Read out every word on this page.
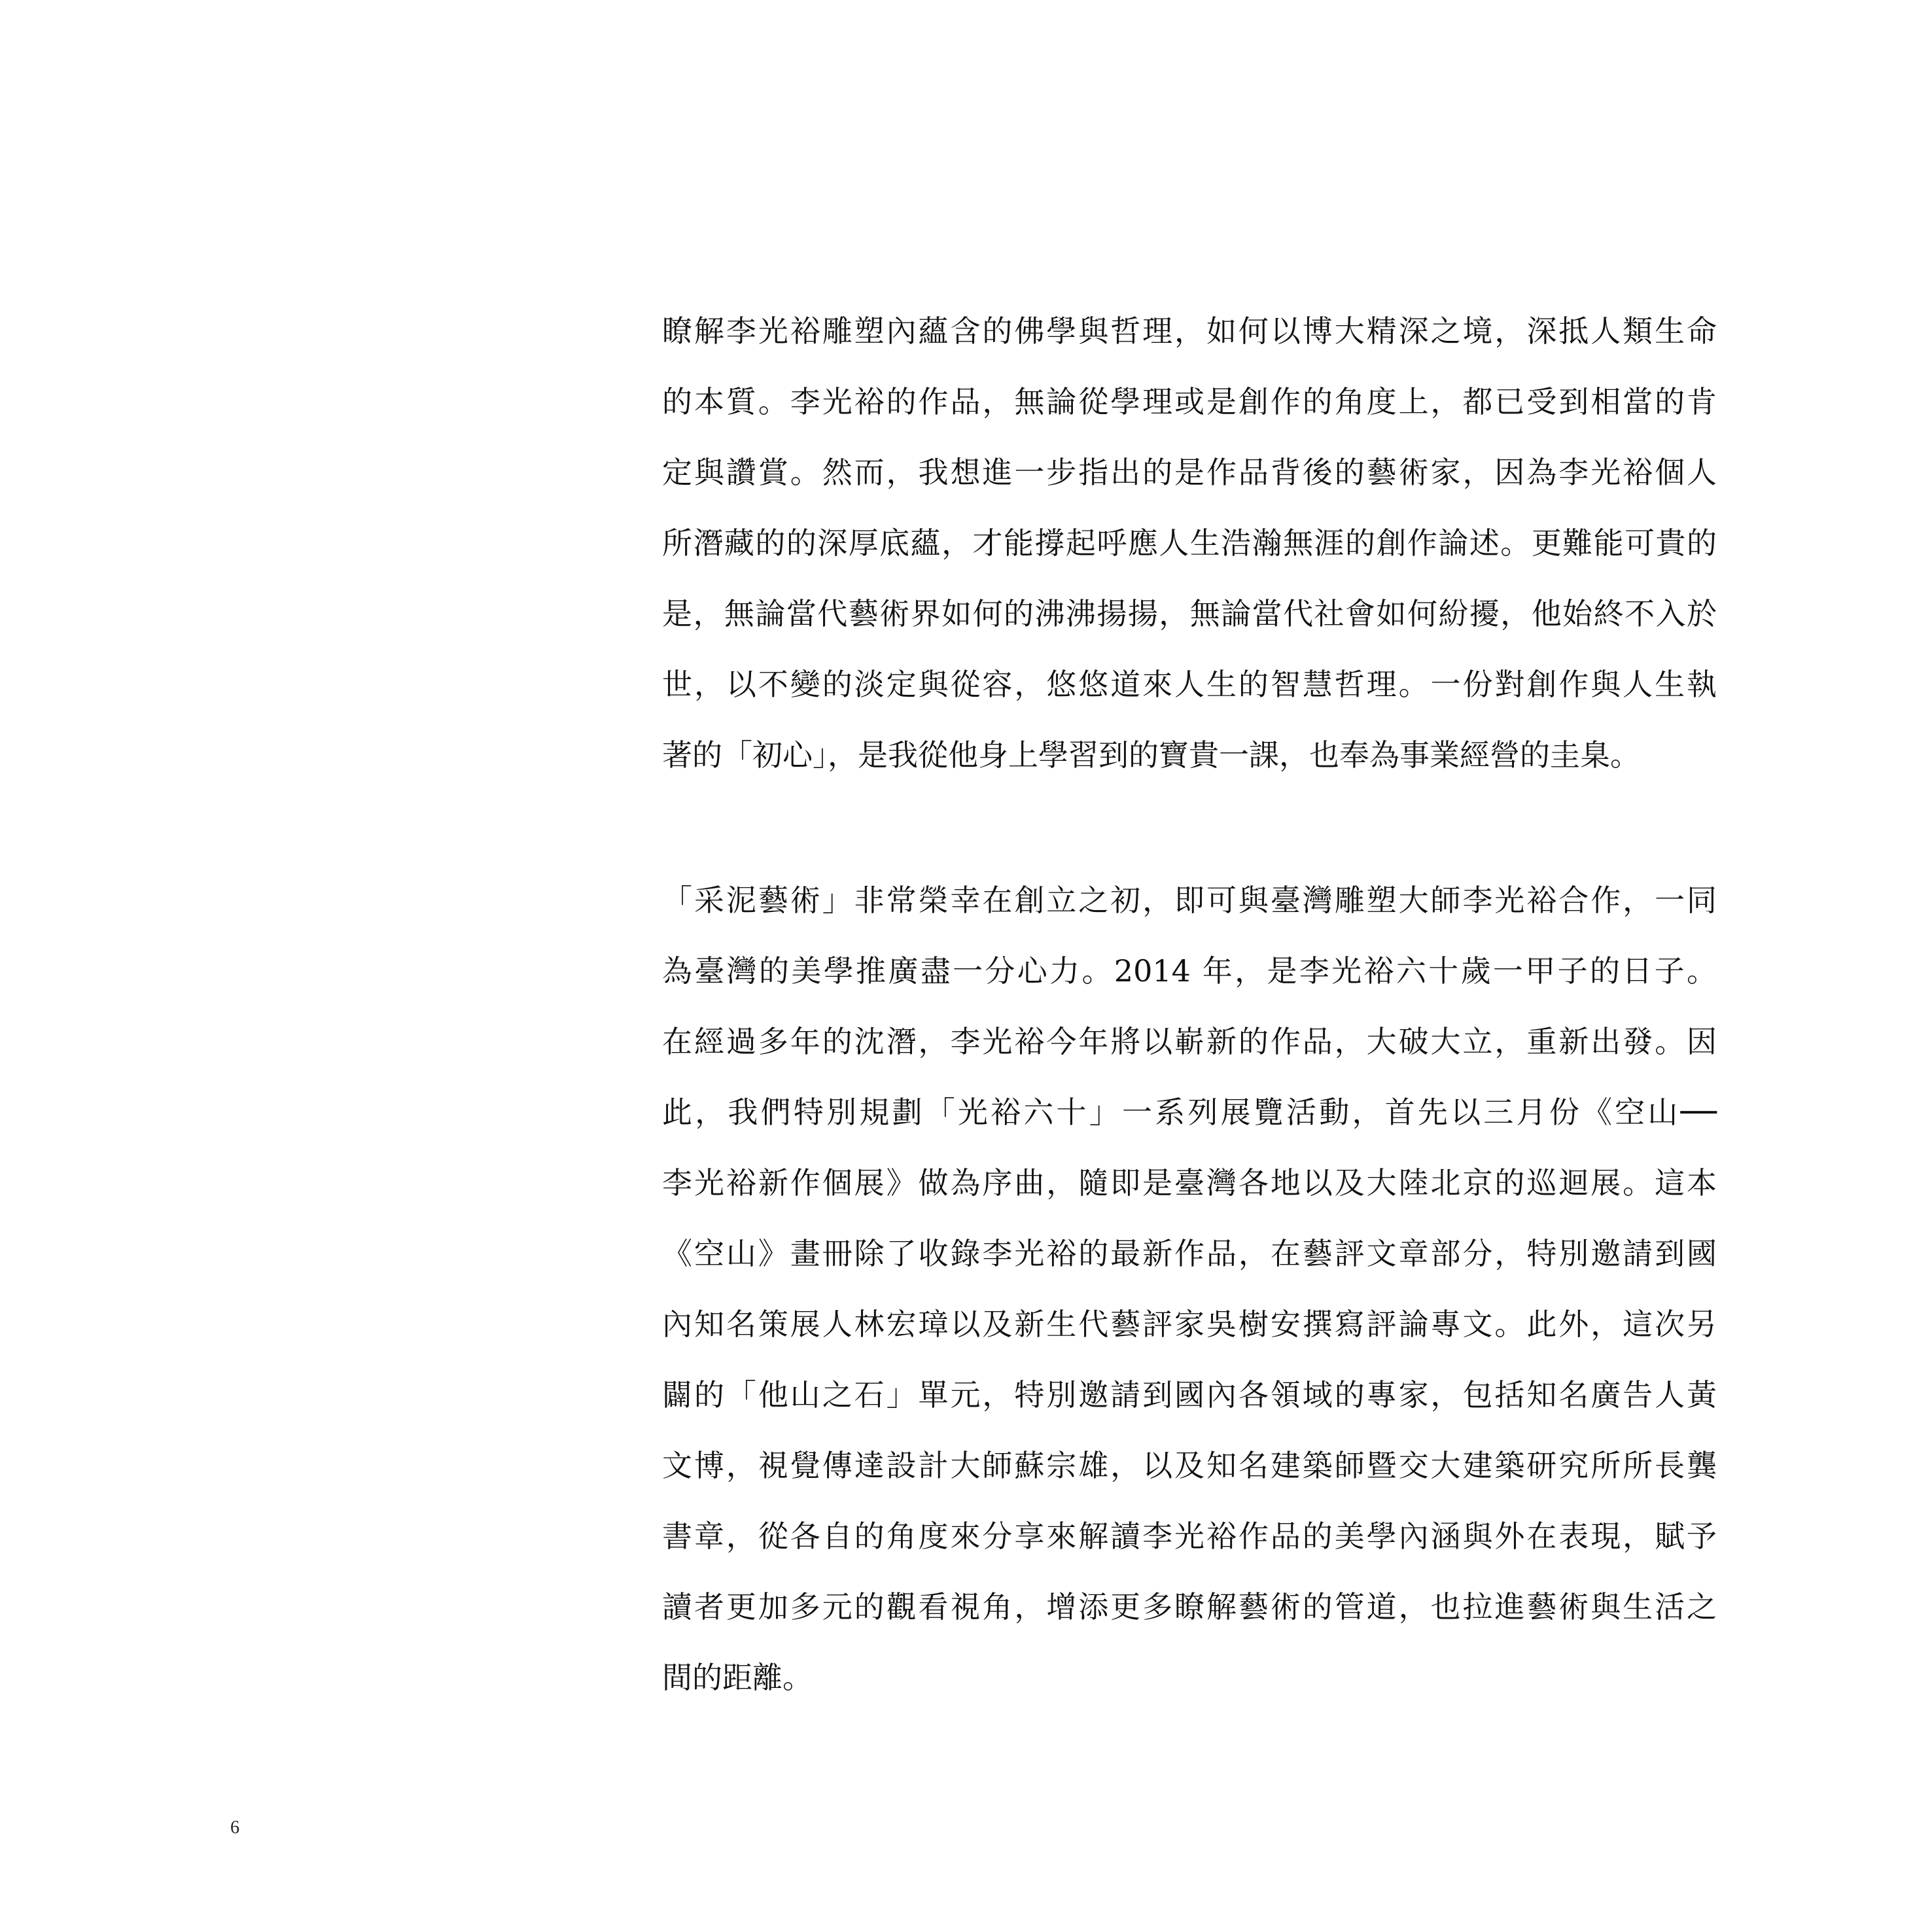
瞭解李光裕雕塑內蘊含的佛學與哲理，如何以博大精深之境，深抵人類生命
的本質。李光裕的作品，無論從學理或是創作的角度上，都已受到相當的肯
定與讚賞。然而，我想進一步指出的是作品背後的藝術家，因為李光裕個人
所潛藏的的深厚底蘊，才能撐起呼應人生浩瀚無涯的創作論述。更難能可貴的
是，無論當代藝術界如何的沸沸揚揚，無論當代社會如何紛擾，他始終不入於
世，以不變的淡定與從容，悠悠道來人生的智慧哲理。一份對創作與人生執
著的「初心」，是我從他身上學習到的寶貴一課，也奉為事業經營的圭臬。
「采泥藝術」非常榮幸在創立之初，即可與臺灣雕塑大師李光裕合作，一同
為臺灣的美學推廣盡一分心力。2014 年，是李光裕六十歲一甲子的日子。
在經過多年的沈潛，李光裕今年將以嶄新的作品，大破大立，重新出發。因
此，我們特別規劃「光裕六十」一系列展覽活動，首先以三月份《空山──
李光裕新作個展》做為序曲，隨即是臺灣各地以及大陸北京的巡迴展。這本
《空山》畫冊除了收錄李光裕的最新作品，在藝評文章部分，特別邀請到國
內知名策展人林宏璋以及新生代藝評家吳樹安撰寫評論專文。此外，這次另
闢的「他山之石」單元，特別邀請到國內各領域的專家，包括知名廣告人黃
文博，視覺傳達設計大師蘇宗雄，以及知名建築師暨交大建築研究所所長龔
書章，從各自的角度來分享來解讀李光裕作品的美學內涵與外在表現，賦予
讀者更加多元的觀看視角，增添更多瞭解藝術的管道，也拉進藝術與生活之
間的距離。
6
